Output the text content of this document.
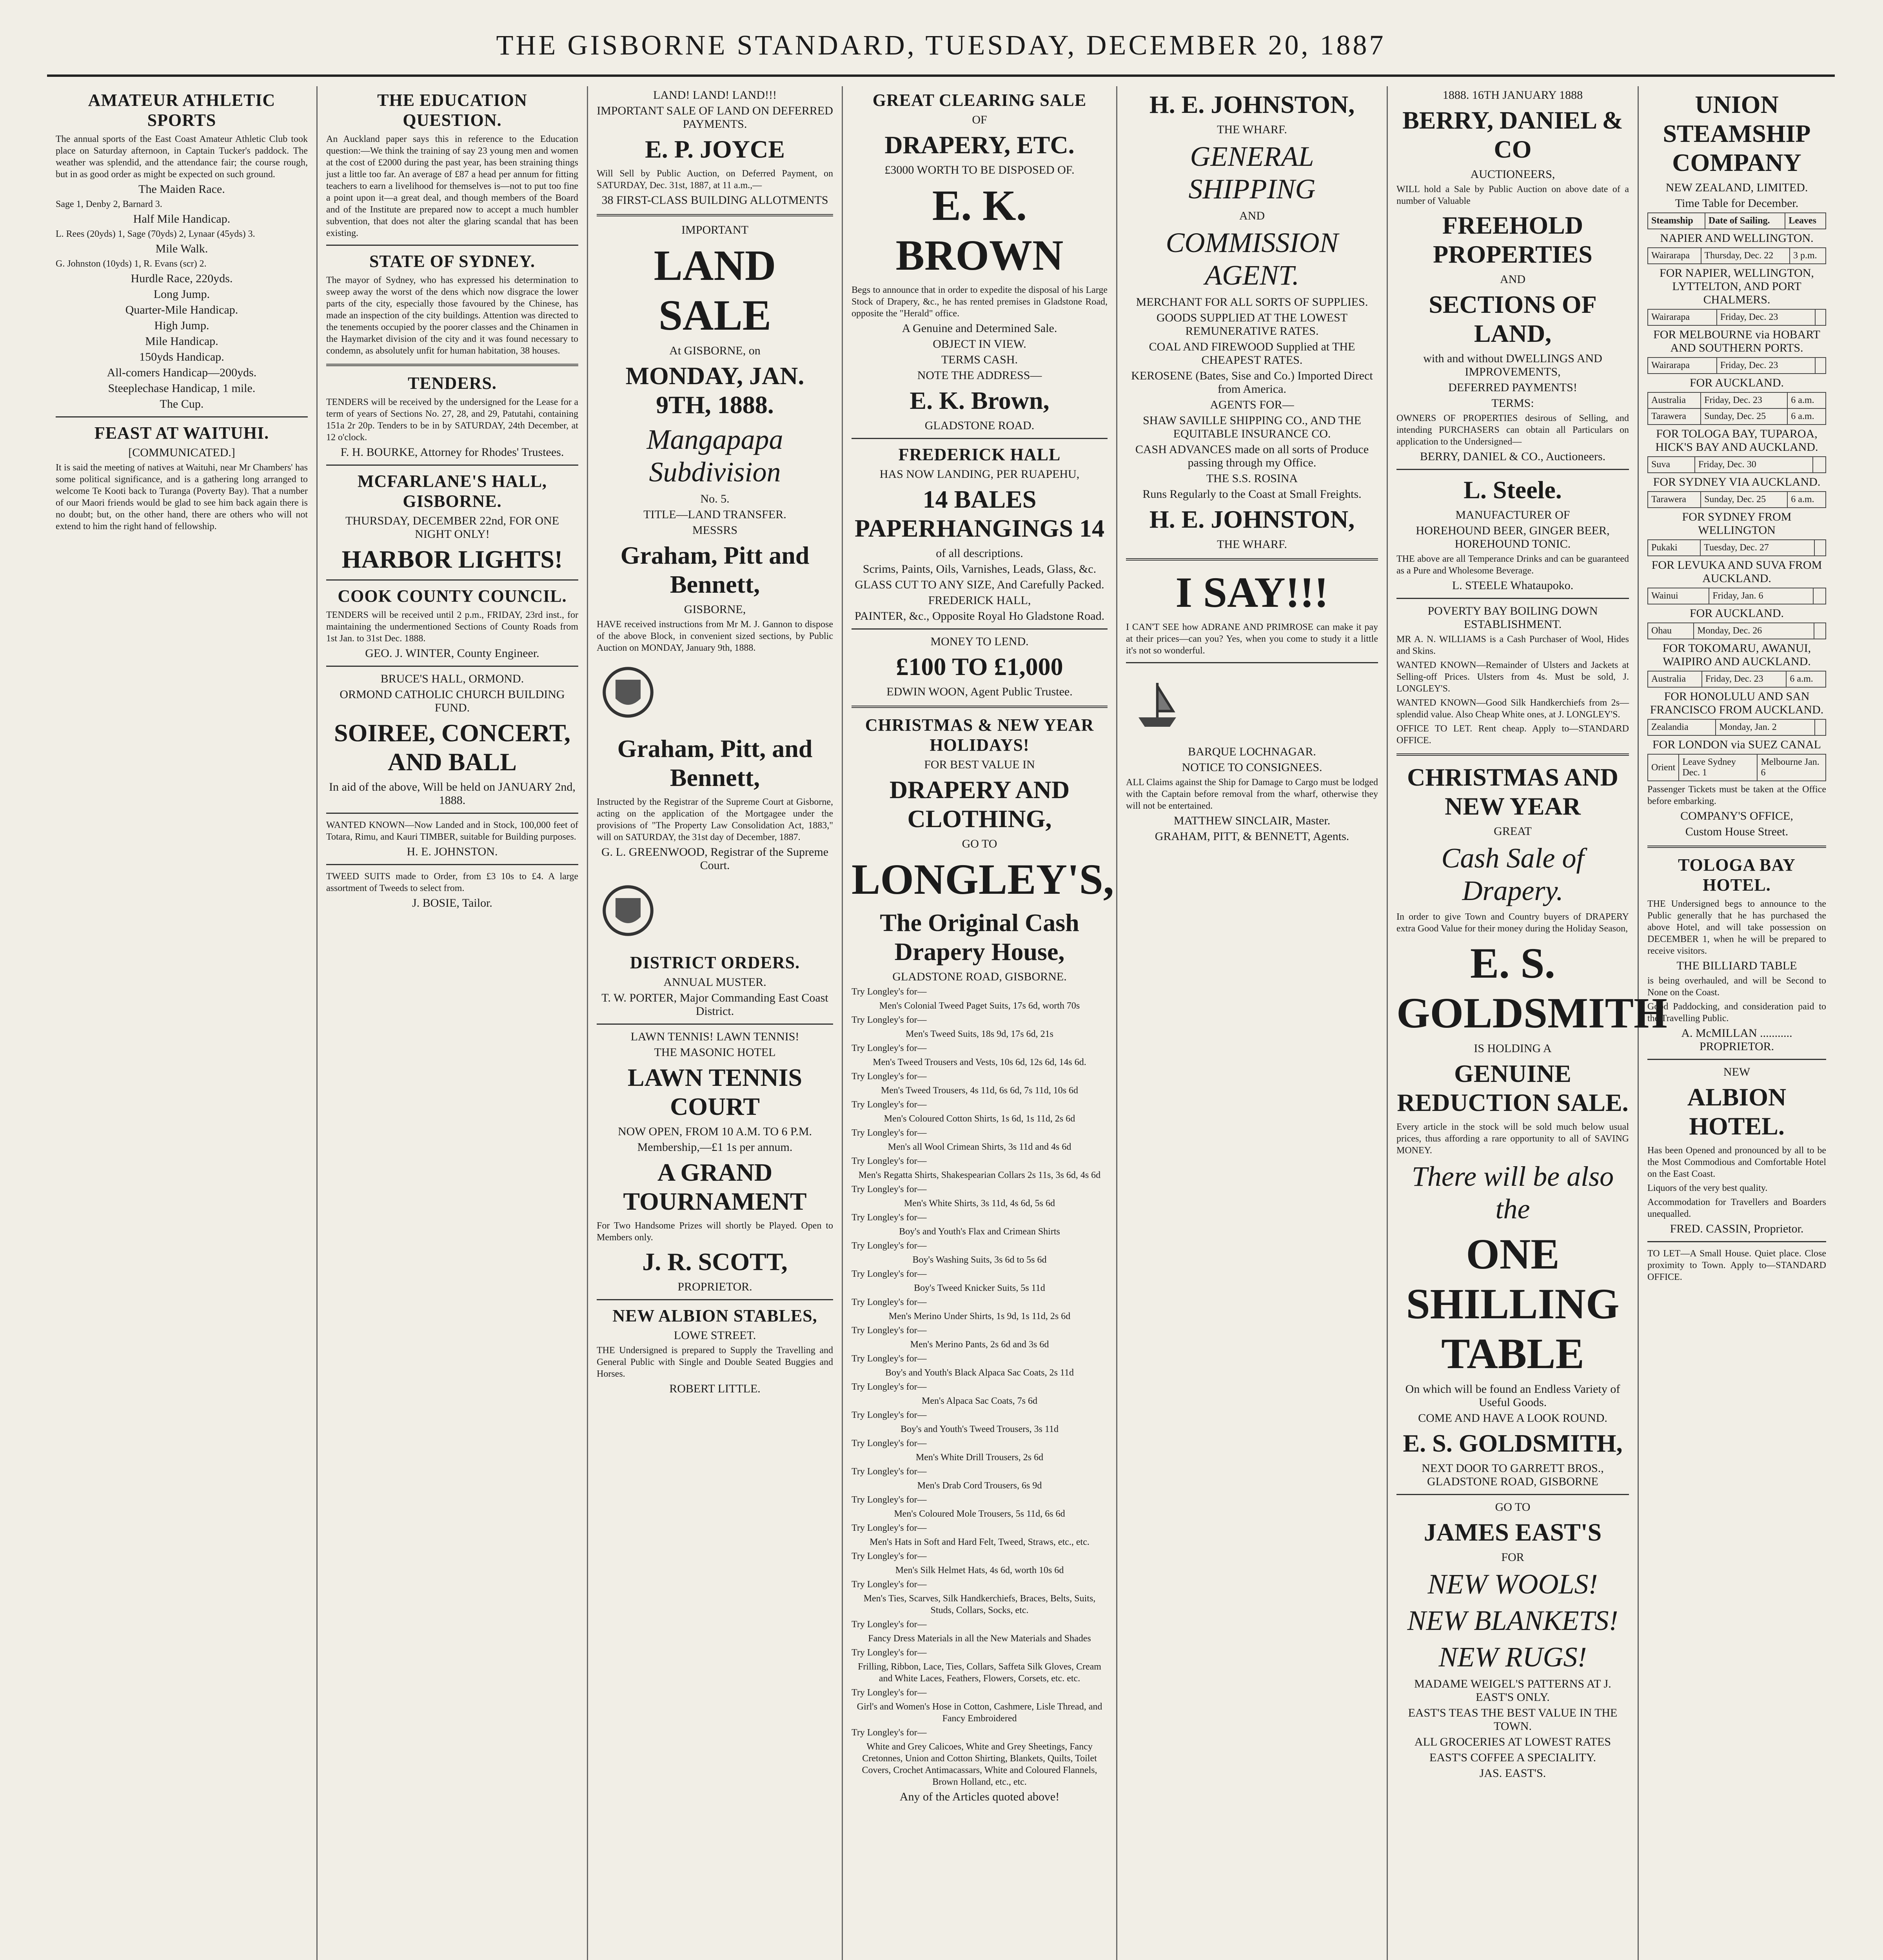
THE GISBORNE STANDARD, TUESDAY, DECEMBER 20, 1887
AMATEUR ATHLETIC SPORTS
The annual sports of the East Coast Amateur Athletic Club took place on Saturday afternoon, in Captain Tucker's paddock. The weather was splendid, and the attendance fair; the course rough, but in as good order as might be expected on such ground.
The Maiden Race.
Sage 1, Denby 2, Barnard 3.
Half Mile Handicap.
L. Rees (20yds) 1, Sage (70yds) 2, Lynaar (45yds) 3.
Mile Walk.
G. Johnston (10yds) 1, R. Evans (scr) 2.
Hurdle Race, 220yds.
Long Jump.
Quarter-Mile Handicap.
High Jump.
Mile Handicap.
150yds Handicap.
All-comers Handicap—200yds.
Steeplechase Handicap, 1 mile.
The Cup.
FEAST AT WAITUHI.
[COMMUNICATED.]
It is said the meeting of natives at Waituhi, near Mr Chambers' has some political significance, and is a gathering long arranged to welcome Te Kooti back to Turanga (Poverty Bay). That a number of our Maori friends would be glad to see him back again there is no doubt; but, on the other hand, there are others who will not extend to him the right hand of fellowship.
THE EDUCATION QUESTION.
An Auckland paper says this in reference to the Education question:—We think the training of say 23 young men and women at the cost of £2000 during the past year, has been straining things just a little too far. An average of £87 a head per annum for fitting teachers to earn a livelihood for themselves is—not to put too fine a point upon it—a great deal, and though members of the Board and of the Institute are prepared now to accept a much humbler subvention, that does not alter the glaring scandal that has been existing.
STATE OF SYDNEY.
The mayor of Sydney, who has expressed his determination to sweep away the worst of the dens which now disgrace the lower parts of the city, especially those favoured by the Chinese, has made an inspection of the city buildings. Attention was directed to the tenements occupied by the poorer classes and the Chinamen in the Haymarket division of the city and it was found necessary to condemn, as absolutely unfit for human habitation, 38 houses.
TENDERS.
TENDERS will be received by the undersigned for the Lease for a term of years of Sections No. 27, 28, and 29, Patutahi, containing 151a 2r 20p. Tenders to be in by SATURDAY, 24th December, at 12 o'clock.
F. H. BOURKE, Attorney for Rhodes' Trustees.
MCFARLANE'S HALL, GISBORNE.
THURSDAY, DECEMBER 22nd, FOR ONE NIGHT ONLY!
HARBOR LIGHTS!
COOK COUNTY COUNCIL.
TENDERS will be received until 2 p.m., FRIDAY, 23rd inst., for maintaining the undermentioned Sections of County Roads from 1st Jan. to 31st Dec. 1888.
GEO. J. WINTER, County Engineer.
BRUCE'S HALL, ORMOND.
ORMOND CATHOLIC CHURCH BUILDING FUND.
SOIREE, CONCERT, AND BALL
In aid of the above, Will be held on JANUARY 2nd, 1888.
WANTED KNOWN—Now Landed and in Stock, 100,000 feet of Totara, Rimu, and Kauri TIMBER, suitable for Building purposes.
H. E. JOHNSTON.
TWEED SUITS made to Order, from £3 10s to £4. A large assortment of Tweeds to select from.
J. BOSIE, Tailor.
LAND! LAND! LAND!!!
IMPORTANT SALE OF LAND ON DEFERRED PAYMENTS.
E. P. JOYCE
Will Sell by Public Auction, on Deferred Payment, on SATURDAY, Dec. 31st, 1887, at 11 a.m.,—
38 FIRST-CLASS BUILDING ALLOTMENTS
IMPORTANT
LAND SALE
At GISBORNE, on
MONDAY, JAN. 9TH, 1888.
Mangapapa Subdivision
No. 5.
TITLE—LAND TRANSFER.
MESSRS
Graham, Pitt and Bennett,
GISBORNE,
HAVE received instructions from Mr M. J. Gannon to dispose of the above Block, in convenient sized sections, by Public Auction on MONDAY, January 9th, 1888.
Graham, Pitt, and Bennett,
Instructed by the Registrar of the Supreme Court at Gisborne, acting on the application of the Mortgagee under the provisions of "The Property Law Consolidation Act, 1883," will on SATURDAY, the 31st day of December, 1887.
G. L. GREENWOOD, Registrar of the Supreme Court.
DISTRICT ORDERS.
ANNUAL MUSTER.
T. W. PORTER, Major Commanding East Coast District.
LAWN TENNIS! LAWN TENNIS!
THE MASONIC HOTEL
LAWN TENNIS COURT
NOW OPEN, FROM 10 A.M. TO 6 P.M.
Membership,—£1 1s per annum.
A GRAND TOURNAMENT
For Two Handsome Prizes will shortly be Played. Open to Members only.
J. R. SCOTT,
PROPRIETOR.
NEW ALBION STABLES,
LOWE STREET.
THE Undersigned is prepared to Supply the Travelling and General Public with Single and Double Seated Buggies and Horses.
ROBERT LITTLE.
GREAT CLEARING SALE
OF
DRAPERY, ETC.
£3000 WORTH TO BE DISPOSED OF.
E. K. BROWN
Begs to announce that in order to expedite the disposal of his Large Stock of Drapery, &c., he has rented premises in Gladstone Road, opposite the "Herald" office.
A Genuine and Determined Sale.
OBJECT IN VIEW.
TERMS CASH.
NOTE THE ADDRESS—
E. K. Brown,
GLADSTONE ROAD.
FREDERICK HALL
HAS NOW LANDING, PER RUAPEHU,
14 BALES PAPERHANGINGS 14
of all descriptions.
Scrims, Paints, Oils, Varnishes, Leads, Glass, &c.
GLASS CUT TO ANY SIZE, And Carefully Packed.
FREDERICK HALL,
PAINTER, &c., Opposite Royal Ho Gladstone Road.
MONEY TO LEND.
£100 TO £1,000
EDWIN WOON, Agent Public Trustee.
CHRISTMAS & NEW YEAR HOLIDAYS!
FOR BEST VALUE IN
DRAPERY AND CLOTHING,
GO TO
LONGLEY'S,
The Original Cash Drapery House,
GLADSTONE ROAD, GISBORNE.
Try Longley's for—
Men's Colonial Tweed Paget Suits, 17s 6d, worth 70s
Try Longley's for—
Men's Tweed Suits, 18s 9d, 17s 6d, 21s
Try Longley's for—
Men's Tweed Trousers and Vests, 10s 6d, 12s 6d, 14s 6d.
Try Longley's for—
Men's Tweed Trousers, 4s 11d, 6s 6d, 7s 11d, 10s 6d
Try Longley's for—
Men's Coloured Cotton Shirts, 1s 6d, 1s 11d, 2s 6d
Try Longley's for—
Men's all Wool Crimean Shirts, 3s 11d and 4s 6d
Try Longley's for—
Men's Regatta Shirts, Shakespearian Collars 2s 11s, 3s 6d, 4s 6d
Try Longley's for—
Men's White Shirts, 3s 11d, 4s 6d, 5s 6d
Try Longley's for—
Boy's and Youth's Flax and Crimean Shirts
Try Longley's for—
Boy's Washing Suits, 3s 6d to 5s 6d
Try Longley's for—
Boy's Tweed Knicker Suits, 5s 11d
Try Longley's for—
Men's Merino Under Shirts, 1s 9d, 1s 11d, 2s 6d
Try Longley's for—
Men's Merino Pants, 2s 6d and 3s 6d
Try Longley's for—
Boy's and Youth's Black Alpaca Sac Coats, 2s 11d
Try Longley's for—
Men's Alpaca Sac Coats, 7s 6d
Try Longley's for—
Boy's and Youth's Tweed Trousers, 3s 11d
Try Longley's for—
Men's White Drill Trousers, 2s 6d
Try Longley's for—
Men's Drab Cord Trousers, 6s 9d
Try Longley's for—
Men's Coloured Mole Trousers, 5s 11d, 6s 6d
Try Longley's for—
Men's Hats in Soft and Hard Felt, Tweed, Straws, etc., etc.
Try Longley's for—
Men's Silk Helmet Hats, 4s 6d, worth 10s 6d
Try Longley's for—
Men's Ties, Scarves, Silk Handkerchiefs, Braces, Belts, Suits, Studs, Collars, Socks, etc.
Try Longley's for—
Fancy Dress Materials in all the New Materials and Shades
Try Longley's for—
Frilling, Ribbon, Lace, Ties, Collars, Saffeta Silk Gloves, Cream and White Laces, Feathers, Flowers, Corsets, etc. etc.
Try Longley's for—
Girl's and Women's Hose in Cotton, Cashmere, Lisle Thread, and Fancy Embroidered
Try Longley's for—
White and Grey Calicoes, White and Grey Sheetings, Fancy Cretonnes, Union and Cotton Shirting, Blankets, Quilts, Toilet Covers, Crochet Antimacassars, White and Coloured Flannels, Brown Holland, etc., etc.
Any of the Articles quoted above!
H. E. JOHNSTON,
THE WHARF.
GENERAL SHIPPING
AND
COMMISSION AGENT.
MERCHANT FOR ALL SORTS OF SUPPLIES.
GOODS SUPPLIED AT THE LOWEST REMUNERATIVE RATES.
COAL AND FIREWOOD Supplied at THE CHEAPEST RATES.
KEROSENE (Bates, Sise and Co.) Imported Direct from America.
AGENTS FOR—
SHAW SAVILLE SHIPPING CO., AND THE EQUITABLE INSURANCE CO.
CASH ADVANCES made on all sorts of Produce passing through my Office.
THE S.S. ROSINA
Runs Regularly to the Coast at Small Freights.
H. E. JOHNSTON,
THE WHARF.
I SAY!!!
I CAN'T SEE how ADRANE AND PRIMROSE can make it pay at their prices—can you? Yes, when you come to study it a little it's not so wonderful.
BARQUE LOCHNAGAR.
NOTICE TO CONSIGNEES.
ALL Claims against the Ship for Damage to Cargo must be lodged with the Captain before removal from the wharf, otherwise they will not be entertained.
MATTHEW SINCLAIR, Master.
GRAHAM, PITT, & BENNETT, Agents.
1888. 16TH JANUARY 1888
BERRY, DANIEL & CO
AUCTIONEERS,
WILL hold a Sale by Public Auction on above date of a number of Valuable
FREEHOLD PROPERTIES
AND
SECTIONS OF LAND,
with and without DWELLINGS AND IMPROVEMENTS,
DEFERRED PAYMENTS!
TERMS:
OWNERS OF PROPERTIES desirous of Selling, and intending PURCHASERS can obtain all Particulars on application to the Undersigned—
BERRY, DANIEL & CO., Auctioneers.
L. Steele.
MANUFACTURER OF
HOREHOUND BEER, GINGER BEER, HOREHOUND TONIC.
THE above are all Temperance Drinks and can be guaranteed as a Pure and Wholesome Beverage.
L. STEELE Whataupoko.
POVERTY BAY BOILING DOWN ESTABLISHMENT.
MR A. N. WILLIAMS is a Cash Purchaser of Wool, Hides and Skins.
WANTED KNOWN—Remainder of Ulsters and Jackets at Selling-off Prices. Ulsters from 4s. Must be sold, J. LONGLEY'S.
WANTED KNOWN—Good Silk Handkerchiefs from 2s—splendid value. Also Cheap White ones, at J. LONGLEY'S.
OFFICE TO LET. Rent cheap. Apply to—STANDARD OFFICE.
CHRISTMAS AND NEW YEAR
GREAT
Cash Sale of Drapery.
In order to give Town and Country buyers of DRAPERY extra Good Value for their money during the Holiday Season,
E. S. GOLDSMITH
IS HOLDING A
GENUINE REDUCTION SALE.
Every article in the stock will be sold much below usual prices, thus affording a rare opportunity to all of SAVING MONEY.
There will be also the
ONE SHILLING TABLE
On which will be found an Endless Variety of Useful Goods.
COME AND HAVE A LOOK ROUND.
E. S. GOLDSMITH,
NEXT DOOR TO GARRETT BROS., GLADSTONE ROAD, GISBORNE
GO TO
JAMES EAST'S
FOR
NEW WOOLS!
NEW BLANKETS!
NEW RUGS!
MADAME WEIGEL'S PATTERNS AT J. EAST'S ONLY.
EAST'S TEAS THE BEST VALUE IN THE TOWN.
ALL GROCERIES AT LOWEST RATES
EAST'S COFFEE A SPECIALITY.
JAS. EAST'S.
UNION STEAMSHIP COMPANY
NEW ZEALAND, LIMITED.
Time Table for December.
Steamship	Date of Sailing.	Leaves
NAPIER AND WELLINGTON.
Wairarapa	Thursday, Dec. 22	3 p.m.
FOR NAPIER, WELLINGTON, LYTTELTON, AND PORT CHALMERS.
Wairarapa	Friday, Dec. 23	
FOR MELBOURNE via HOBART AND SOUTHERN PORTS.
Wairarapa	Friday, Dec. 23	
FOR AUCKLAND.
Australia	Friday, Dec. 23	6 a.m.
Tarawera	Sunday, Dec. 25	6 a.m.
FOR TOLOGA BAY, TUPAROA, HICK'S BAY AND AUCKLAND.
Suva	Friday, Dec. 30	
FOR SYDNEY VIA AUCKLAND.
Tarawera	Sunday, Dec. 25	6 a.m.
FOR SYDNEY FROM WELLINGTON
Pukaki	Tuesday, Dec. 27	
FOR LEVUKA AND SUVA FROM AUCKLAND.
Wainui	Friday, Jan. 6	
FOR AUCKLAND.
Ohau	Monday, Dec. 26	
FOR TOKOMARU, AWANUI, WAIPIRO AND AUCKLAND.
Australia	Friday, Dec. 23	6 a.m.
FOR HONOLULU AND SAN FRANCISCO FROM AUCKLAND.
Zealandia	Monday, Jan. 2	
FOR LONDON via SUEZ CANAL
Orient	Leave Sydney Dec. 1	Melbourne Jan. 6
Passenger Tickets must be taken at the Office before embarking.
COMPANY'S OFFICE,
Custom House Street.
TOLOGA BAY HOTEL.
THE Undersigned begs to announce to the Public generally that he has purchased the above Hotel, and will take possession on DECEMBER 1, when he will be prepared to receive visitors.
THE BILLIARD TABLE
is being overhauled, and will be Second to None on the Coast.
Good Paddocking, and consideration paid to the Travelling Public.
A. McMILLAN ........... PROPRIETOR.
NEW
ALBION HOTEL.
Has been Opened and pronounced by all to be the Most Commodious and Comfortable Hotel on the East Coast.
Liquors of the very best quality.
Accommodation for Travellers and Boarders unequalled.
FRED. CASSIN, Proprietor.
TO LET—A Small House. Quiet place. Close proximity to Town. Apply to—STANDARD OFFICE.
